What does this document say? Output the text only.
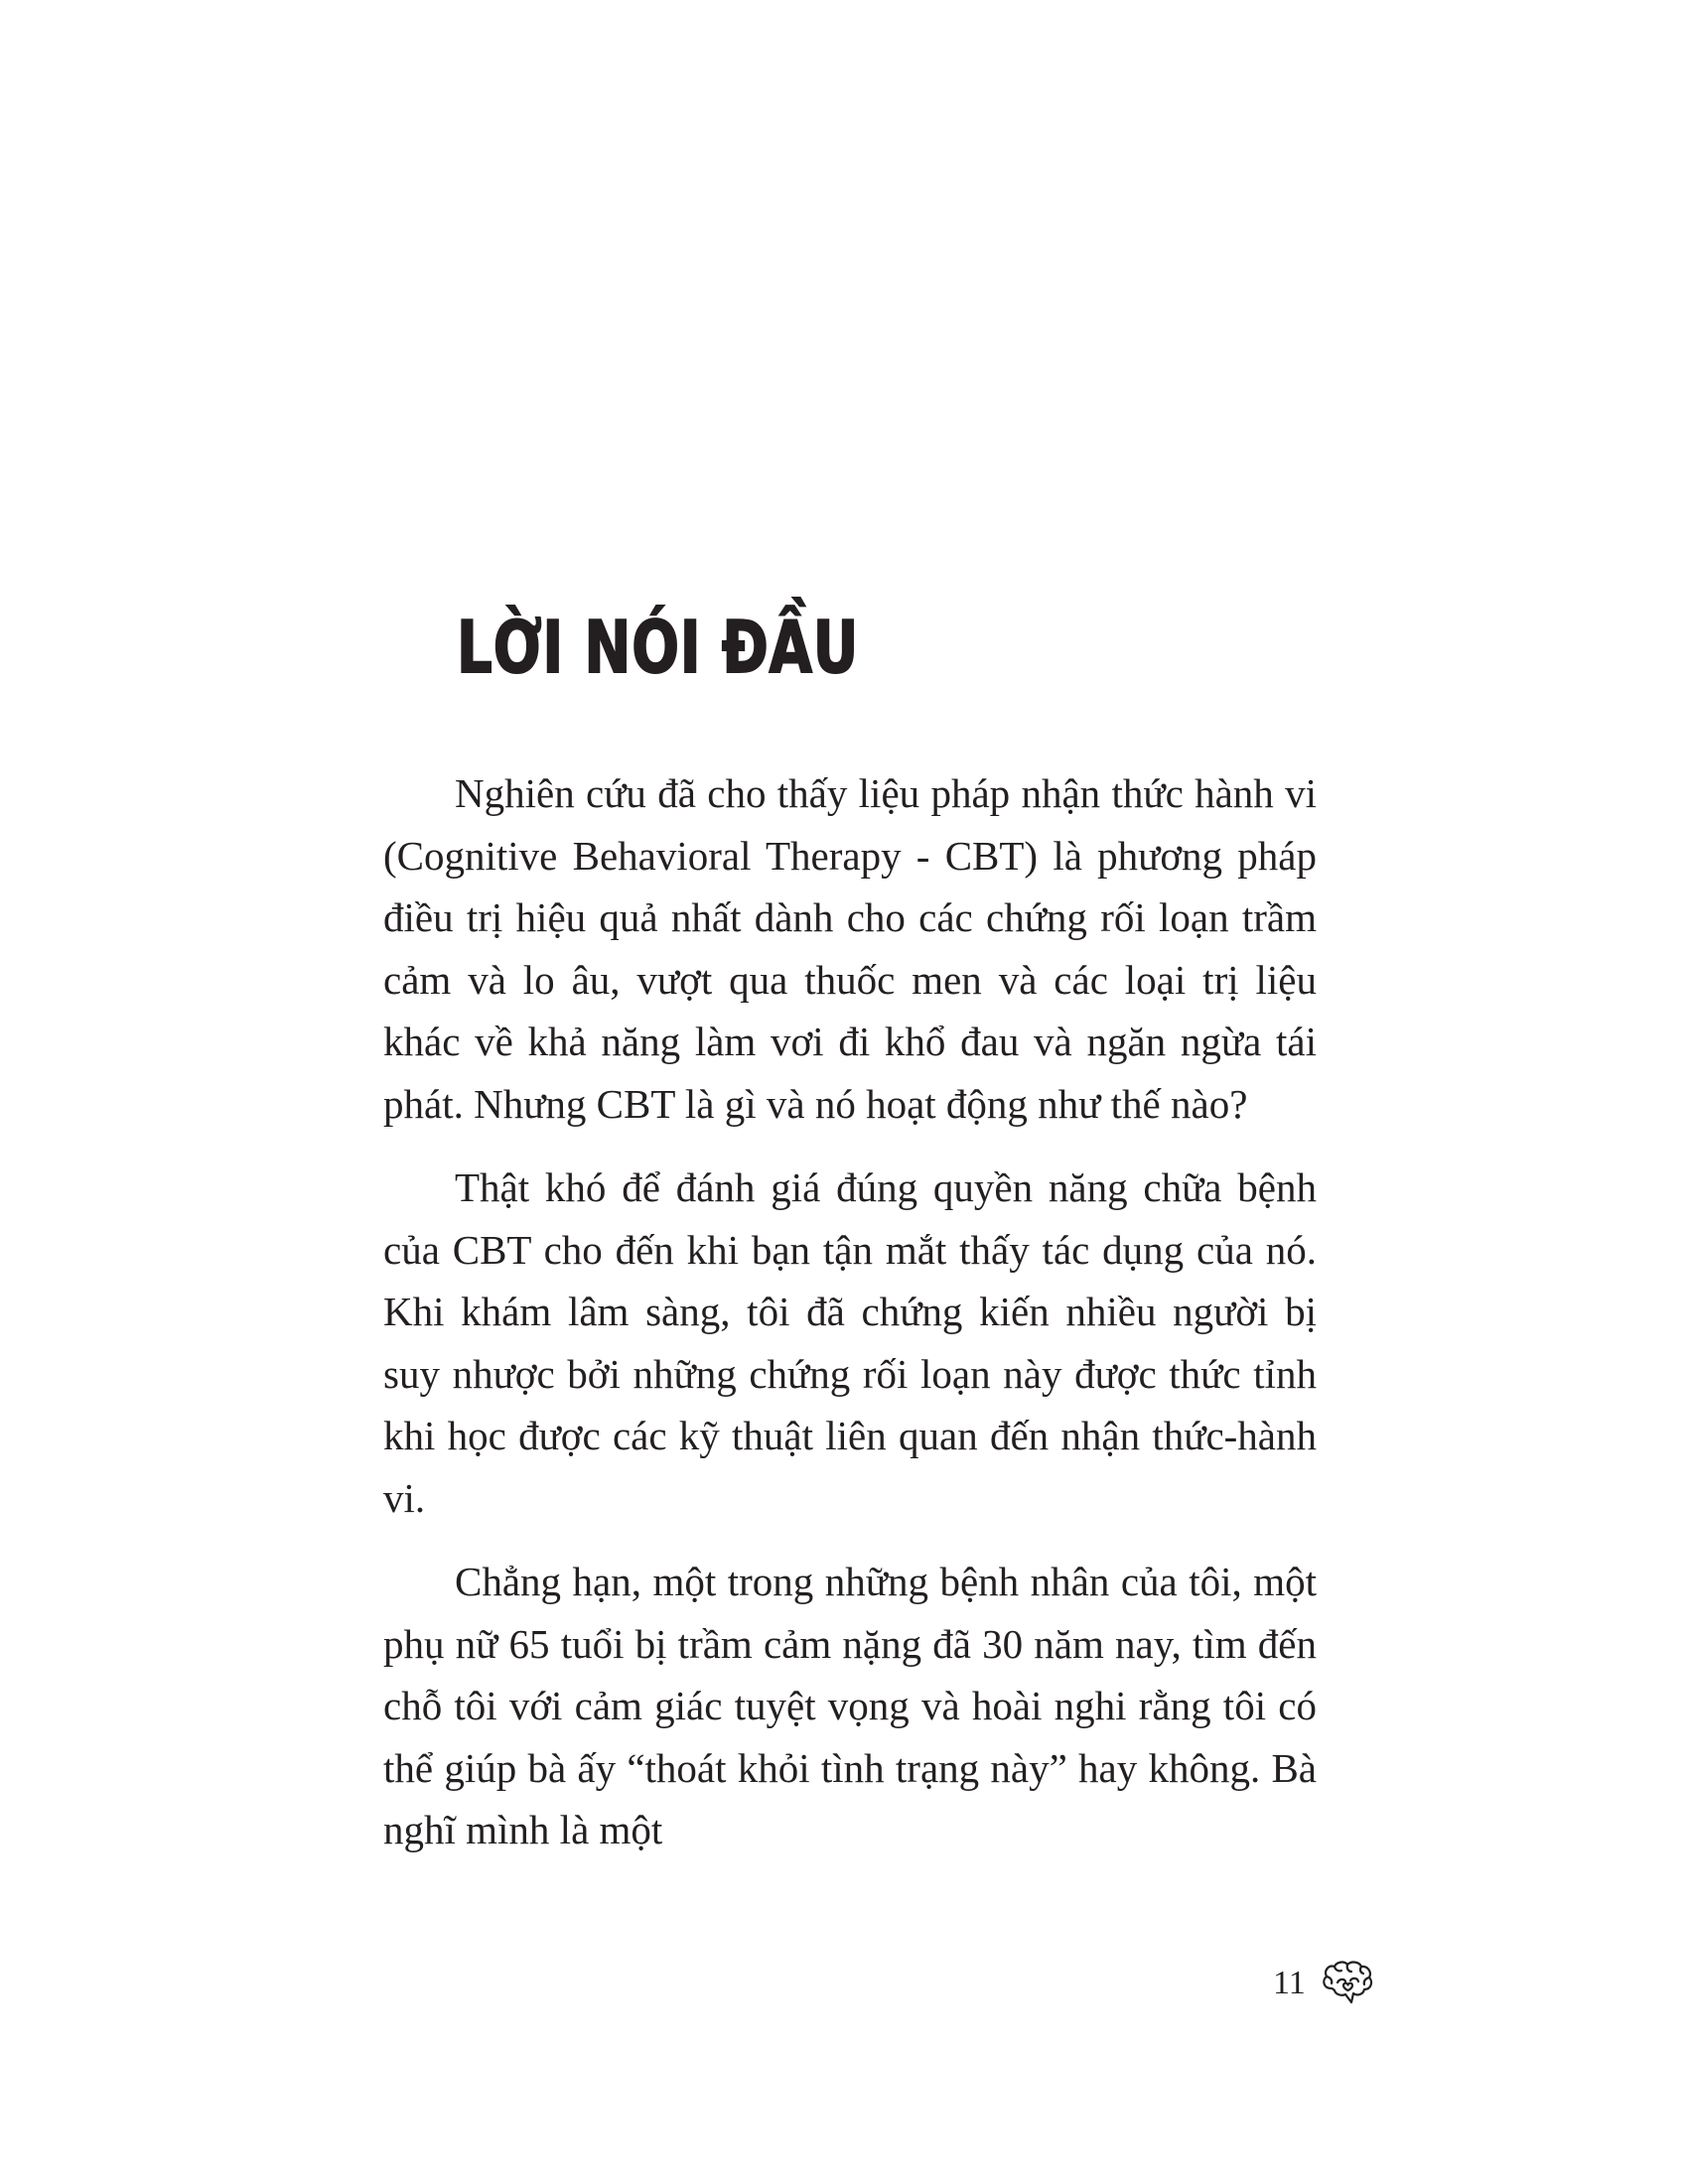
LỜI NÓI ĐẦU

Nghiên cứu đã cho thấy liệu pháp nhận thức hành vi (Cognitive Behavioral Therapy - CBT) là phương pháp điều trị hiệu quả nhất dành cho các chứng rối loạn trầm cảm và lo âu, vượt qua thuốc men và các loại trị liệu khác về khả năng làm vơi đi khổ đau và ngăn ngừa tái phát. Nhưng CBT là gì và nó hoạt động như thế nào?

Thật khó để đánh giá đúng quyền năng chữa bệnh của CBT cho đến khi bạn tận mắt thấy tác dụng của nó. Khi khám lâm sàng, tôi đã chứng kiến nhiều người bị suy nhược bởi những chứng rối loạn này được thức tỉnh khi học được các kỹ thuật liên quan đến nhận thức-hành vi.

Chẳng hạn, một trong những bệnh nhân của tôi, một phụ nữ 65 tuổi bị trầm cảm nặng đã 30 năm nay, tìm đến chỗ tôi với cảm giác tuyệt vọng và hoài nghi rằng tôi có thể giúp bà ấy “thoát khỏi tình trạng này” hay không. Bà nghĩ mình là một

11
